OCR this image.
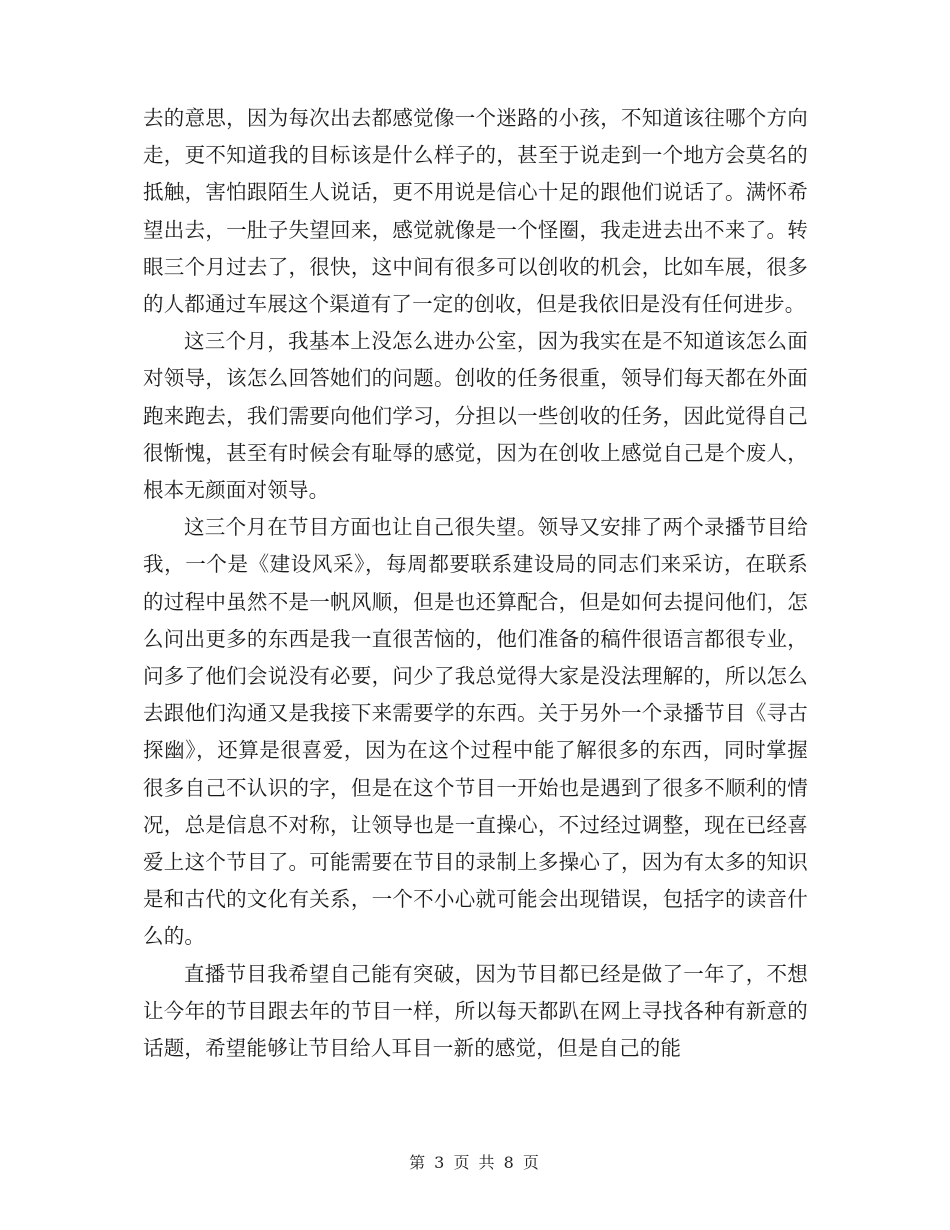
去的意思，因为每次出去都感觉像一个迷路的小孩，不知道该往哪个方向走，更不知道我的目标该是什么样子的，甚至于说走到一个地方会莫名的抵触，害怕跟陌生人说话，更不用说是信心十足的跟他们说话了。满怀希望出去，一肚子失望回来，感觉就像是一个怪圈，我走进去出不来了。转眼三个月过去了，很快，这中间有很多可以创收的机会，比如车展，很多的人都通过车展这个渠道有了一定的创收，但是我依旧是没有任何进步。

这三个月，我基本上没怎么进办公室，因为我实在是不知道该怎么面对领导，该怎么回答她们的问题。创收的任务很重，领导们每天都在外面跑来跑去，我们需要向他们学习，分担以一些创收的任务，因此觉得自己很惭愧，甚至有时候会有耻辱的感觉，因为在创收上感觉自己是个废人，根本无颜面对领导。

这三个月在节目方面也让自己很失望。领导又安排了两个录播节目给我，一个是《建设风采》，每周都要联系建设局的同志们来采访，在联系的过程中虽然不是一帆风顺，但是也还算配合，但是如何去提问他们，怎么问出更多的东西是我一直很苦恼的，他们准备的稿件很语言都很专业，问多了他们会说没有必要，问少了我总觉得大家是没法理解的，所以怎么去跟他们沟通又是我接下来需要学的东西。关于另外一个录播节目《寻古探幽》，还算是很喜爱，因为在这个过程中能了解很多的东西，同时掌握很多自己不认识的字，但是在这个节目一开始也是遇到了很多不顺利的情况，总是信息不对称，让领导也是一直操心，不过经过调整，现在已经喜爱上这个节目了。可能需要在节目的录制上多操心了，因为有太多的知识是和古代的文化有关系，一个不小心就可能会出现错误，包括字的读音什么的。

直播节目我希望自己能有突破，因为节目都已经是做了一年了，不想让今年的节目跟去年的节目一样，所以每天都趴在网上寻找各种有新意的话题，希望能够让节目给人耳目一新的感觉，但是自己的能

第 3 页 共 8 页
